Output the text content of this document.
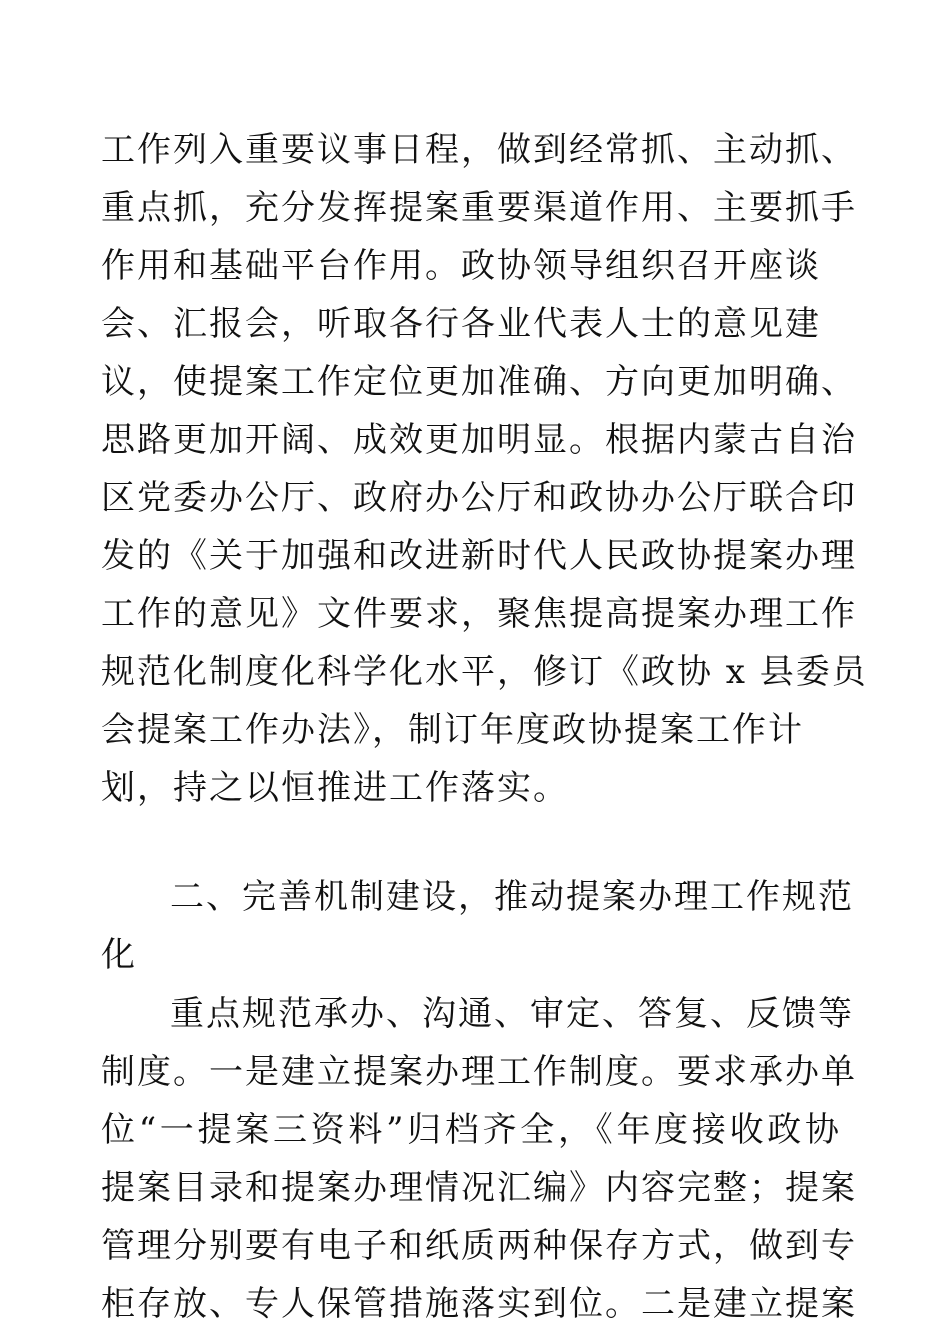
工作列入重要议事日程，做到经常抓、主动抓、
重点抓，充分发挥提案重要渠道作用、主要抓手
作用和基础平台作用。政协领导组织召开座谈
会、汇报会，听取各行各业代表人士的意见建
议，使提案工作定位更加准确、方向更加明确、
思路更加开阔、成效更加明显。根据内蒙古自治
区党委办公厅、政府办公厅和政协办公厅联合印
发的《关于加强和改进新时代人民政协提案办理
工作的意见》文件要求，聚焦提高提案办理工作
规范化制度化科学化水平，修订《政协 x 县委员
会提案工作办法》，制订年度政协提案工作计
划，持之以恒推进工作落实。
二、完善机制建设，推动提案办理工作规范
化
重点规范承办、沟通、审定、答复、反馈等
制度。一是建立提案办理工作制度。要求承办单
位“一提案三资料”归档齐全，《年度接收政协
提案目录和提案办理情况汇编》内容完整；提案
管理分别要有电子和纸质两种保存方式，做到专
柜存放、专人保管措施落实到位。二是建立提案
